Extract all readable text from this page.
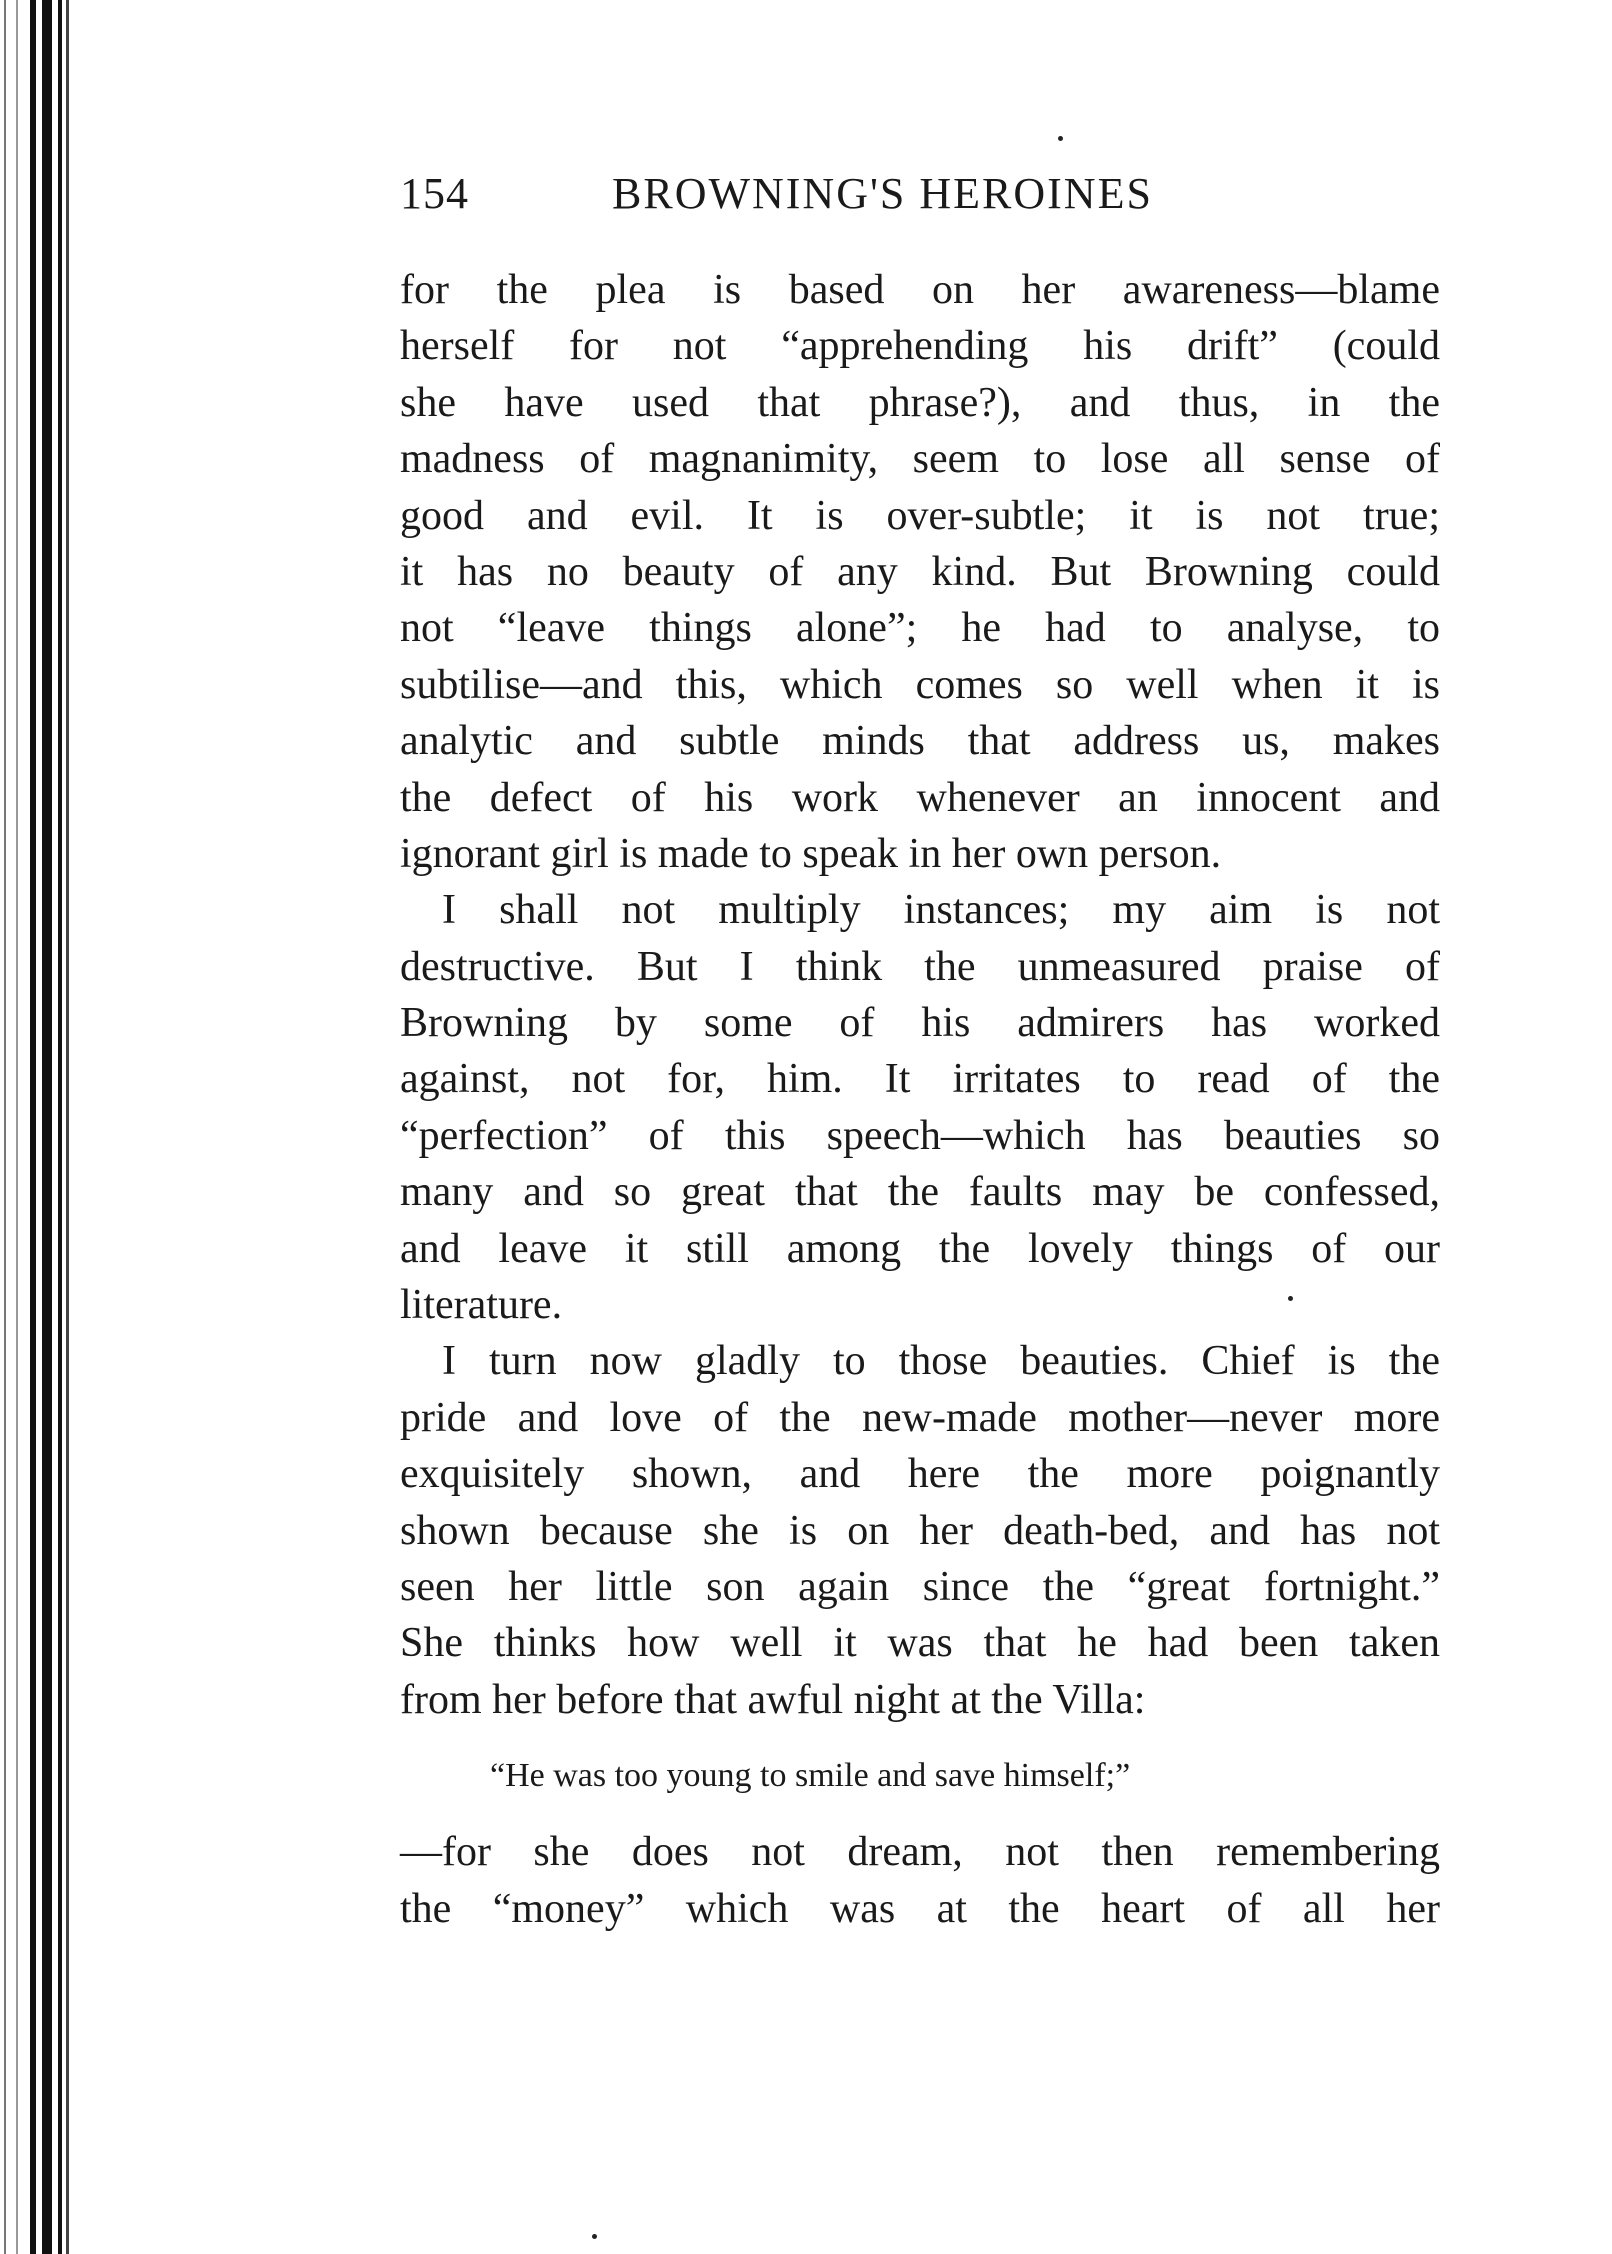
154	BROWNING'S HEROINES
for the plea is based on her awareness—blame
herself for not “apprehending his drift” (could
she have used that phrase?), and thus, in the
madness of magnanimity, seem to lose all sense of
good and evil. It is over-subtle; it is not true;
it has no beauty of any kind. But Browning could
not “leave things alone”; he had to analyse, to
subtilise—and this, which comes so well when it is
analytic and subtle minds that address us, makes
the defect of his work whenever an innocent and
ignorant girl is made to speak in her own person.
I shall not multiply instances; my aim is not
destructive. But I think the unmeasured praise of
Browning by some of his admirers has worked
against, not for, him. It irritates to read of the
“perfection” of this speech—which has beauties so
many and so great that the faults may be confessed,
and leave it still among the lovely things of our
literature.
I turn now gladly to those beauties. Chief is the
pride and love of the new-made mother—never more
exquisitely shown, and here the more poignantly
shown because she is on her death-bed, and has not
seen her little son again since the “great fortnight.”
She thinks how well it was that he had been taken
from her before that awful night at the Villa:
“He was too young to smile and save himself;”
—for she does not dream, not then remembering
the “money” which was at the heart of all her
